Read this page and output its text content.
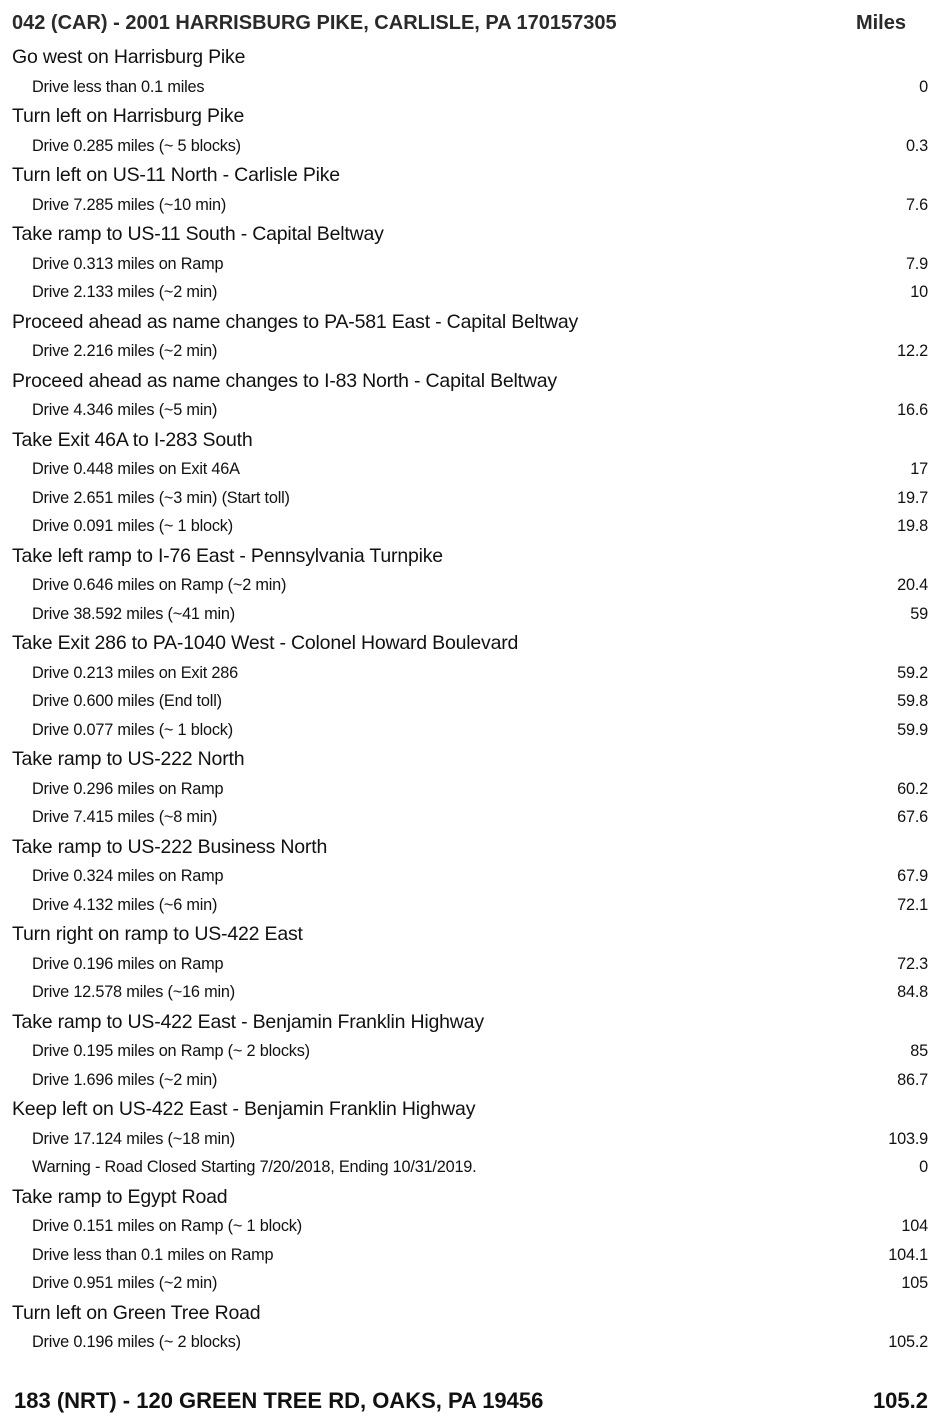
042 (CAR) - 2001 HARRISBURG PIKE, CARLISLE, PA 170157305	Miles
Go west on Harrisburg Pike
Drive less than 0.1 miles	0
Turn left on Harrisburg Pike
Drive 0.285 miles (~ 5 blocks)	0.3
Turn left on US-11 North - Carlisle Pike
Drive 7.285 miles (~10 min)	7.6
Take ramp to US-11 South - Capital Beltway
Drive 0.313 miles on Ramp	7.9
Drive 2.133 miles (~2 min)	10
Proceed ahead as name changes to PA-581 East - Capital Beltway
Drive 2.216 miles (~2 min)	12.2
Proceed ahead as name changes to I-83 North - Capital Beltway
Drive 4.346 miles (~5 min)	16.6
Take Exit 46A to I-283 South
Drive 0.448 miles on Exit 46A	17
Drive 2.651 miles (~3 min) (Start toll)	19.7
Drive 0.091 miles (~ 1 block)	19.8
Take left ramp to I-76 East - Pennsylvania Turnpike
Drive 0.646 miles on Ramp (~2 min)	20.4
Drive 38.592 miles (~41 min)	59
Take Exit 286 to PA-1040 West - Colonel Howard Boulevard
Drive 0.213 miles on Exit 286	59.2
Drive 0.600 miles (End toll)	59.8
Drive 0.077 miles (~ 1 block)	59.9
Take ramp to US-222 North
Drive 0.296 miles on Ramp	60.2
Drive 7.415 miles (~8 min)	67.6
Take ramp to US-222 Business North
Drive 0.324 miles on Ramp	67.9
Drive 4.132 miles (~6 min)	72.1
Turn right on ramp to US-422 East
Drive 0.196 miles on Ramp	72.3
Drive 12.578 miles (~16 min)	84.8
Take ramp to US-422 East - Benjamin Franklin Highway
Drive 0.195 miles on Ramp (~ 2 blocks)	85
Drive 1.696 miles (~2 min)	86.7
Keep left on US-422 East - Benjamin Franklin Highway
Drive 17.124 miles (~18 min)	103.9
Warning - Road Closed Starting 7/20/2018, Ending 10/31/2019.	0
Take ramp to Egypt Road
Drive 0.151 miles on Ramp (~ 1 block)	104
Drive less than 0.1 miles on Ramp	104.1
Drive 0.951 miles (~2 min)	105
Turn left on Green Tree Road
Drive 0.196 miles (~ 2 blocks)	105.2
183 (NRT) - 120 GREEN TREE RD, OAKS, PA 19456	105.2
